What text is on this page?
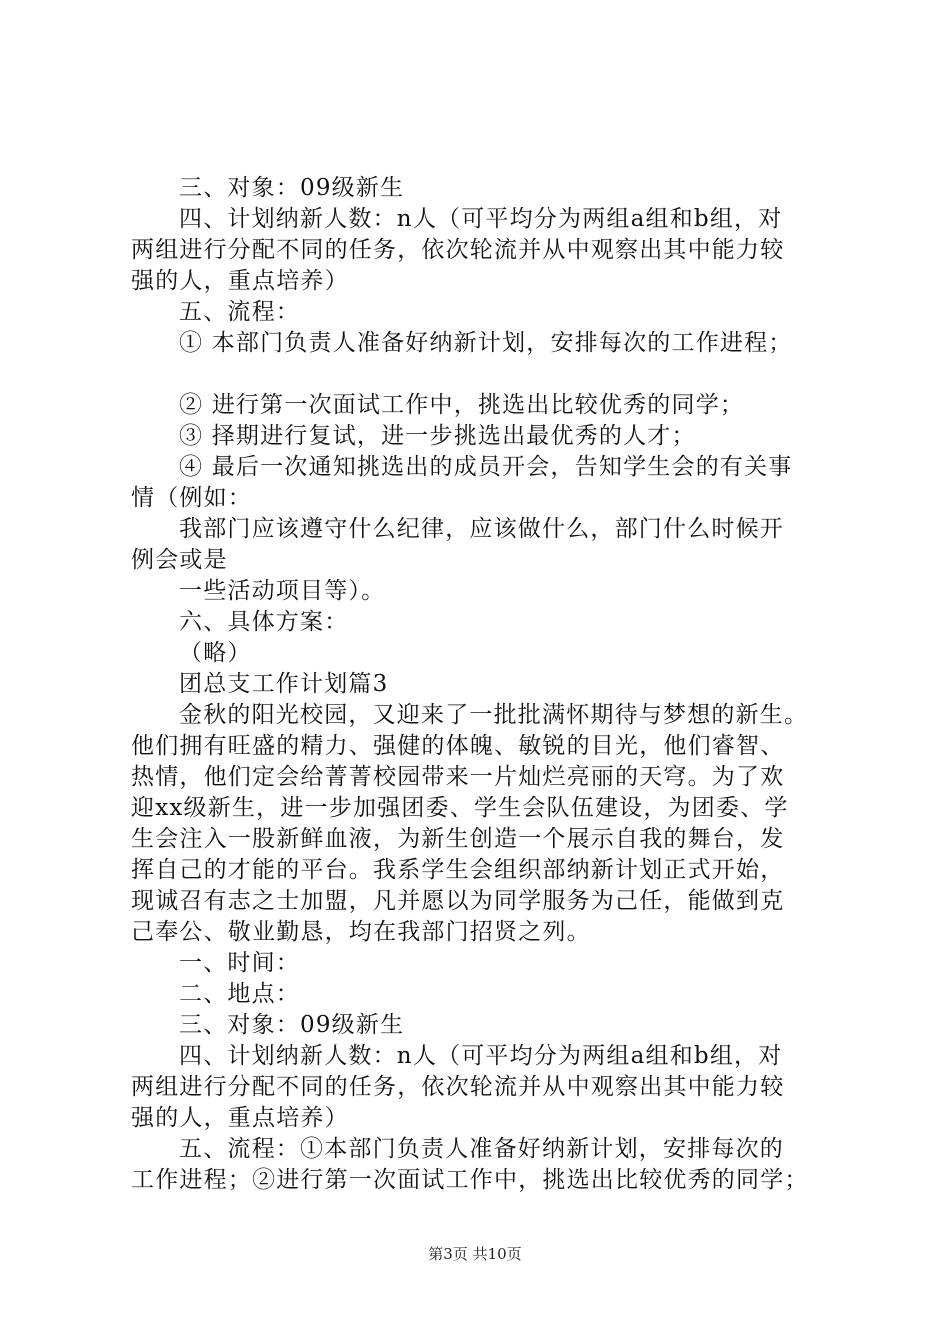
三、对象：09级新生
四、计划纳新人数：n人（可平均分为两组a组和b组，对
两组进行分配不同的任务，依次轮流并从中观察出其中能力较
强的人，重点培养）
五、流程：
① 本部门负责人准备好纳新计划，安排每次的工作进程；
② 进行第一次面试工作中，挑选出比较优秀的同学；
③ 择期进行复试，进一步挑选出最优秀的人才；
④ 最后一次通知挑选出的成员开会，告知学生会的有关事
情（例如：
我部门应该遵守什么纪律，应该做什么，部门什么时候开
例会或是
一些活动项目等）。
六、具体方案：
（略）
团总支工作计划篇3
金秋的阳光校园，又迎来了一批批满怀期待与梦想的新生。
他们拥有旺盛的精力、强健的体魄、敏锐的目光，他们睿智、
热情，他们定会给菁菁校园带来一片灿烂亮丽的天穹。为了欢
迎xx级新生，进一步加强团委、学生会队伍建设，为团委、学
生会注入一股新鲜血液，为新生创造一个展示自我的舞台，发
挥自己的才能的平台。我系学生会组织部纳新计划正式开始，
现诚召有志之士加盟，凡并愿以为同学服务为己任，能做到克
己奉公、敬业勤恳，均在我部门招贤之列。
一、时间：
二、地点：
三、对象：09级新生
四、计划纳新人数：n人（可平均分为两组a组和b组，对
两组进行分配不同的任务，依次轮流并从中观察出其中能力较
强的人，重点培养）
五、流程：①本部门负责人准备好纳新计划，安排每次的
工作进程；②进行第一次面试工作中，挑选出比较优秀的同学；
第3页 共10页
